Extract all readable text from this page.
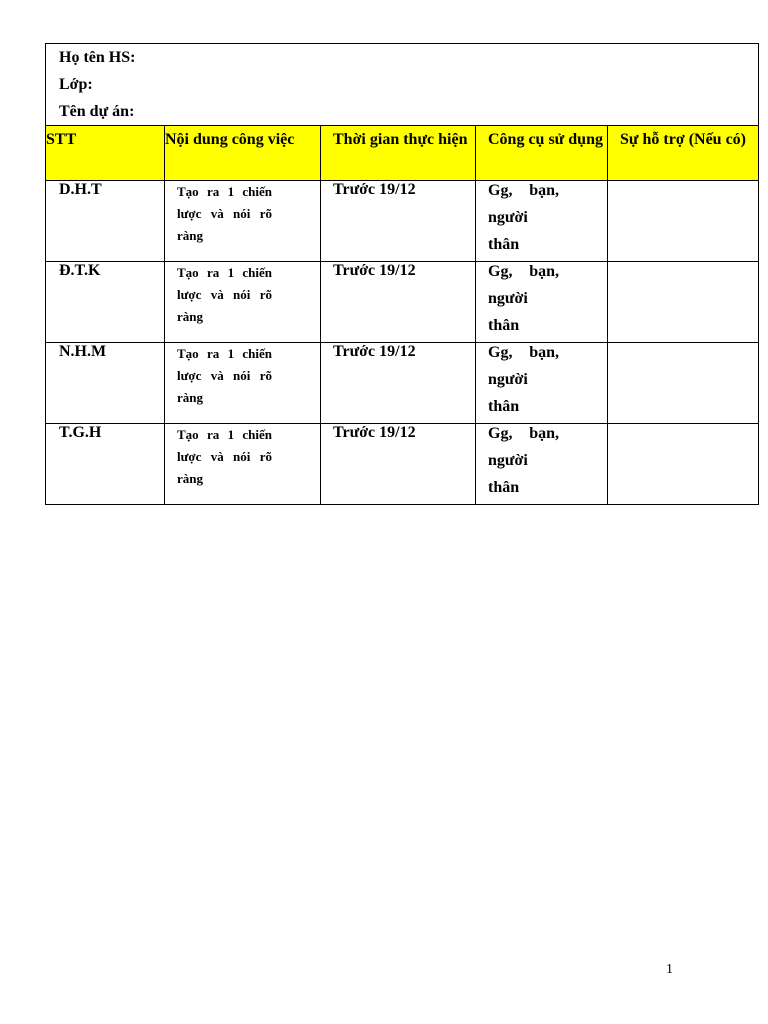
Họ tên HS:
Lớp:
Tên dự án:				

STT	Nội dung công việc	Thời gian thực hiện	Công cụ sử dụng	Sự hỗ trợ (Nếu có)
D.H.T	Tạo ra 1 chiến lược và nói rõ ràng	Trước 19/12	Gg, bạn, người thân	

Đ.T.K	Tạo ra 1 chiến lược và nói rõ ràng	Trước 19/12	Gg, bạn, người thân	

N.H.M	Tạo ra 1 chiến lược và nói rõ ràng	Trước 19/12	Gg, bạn, người thân	

T.G.H	Tạo ra 1 chiến lược và nói rõ ràng	Trước 19/12	Gg, bạn, người thân	

1
